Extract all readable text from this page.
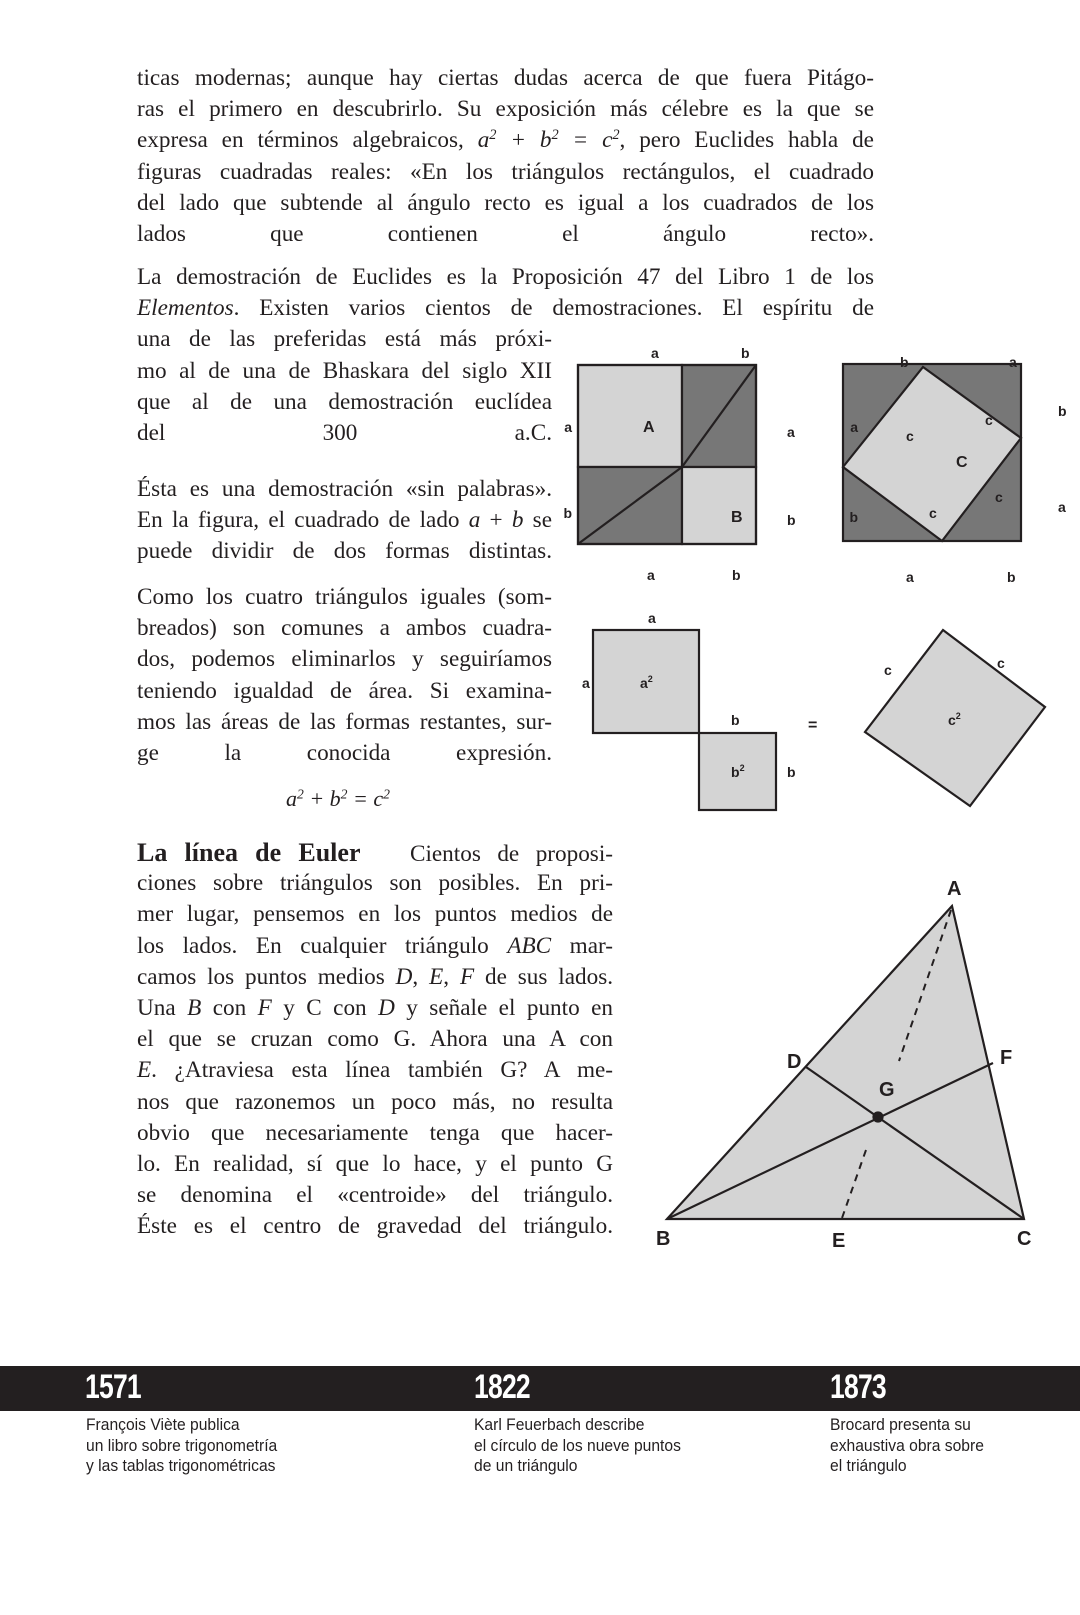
ticas modernas; aunque hay ciertas dudas acerca de que fuera Pitágo-
ras el primero en descubrirlo. Su exposición más célebre es la que se
expresa en términos algebraicos, $a^2 + b^2 = c^2$, pero Euclides habla de
figuras cuadradas reales: «En los triángulos rectángulos, el cuadrado
del lado que subtende al ángulo recto es igual a los cuadrados de los
lados que contienen el ángulo recto».
La demostración de Euclides es la Proposición 47 del Libro 1 de los
Elementos. Existen varios cientos de demostraciones. El espíritu de
una de las preferidas está más próxi-
mo al de una de Bhaskara del siglo XII
que al de una demostración euclídea
del 300 a.C.
Ésta es una demostración «sin palabras».
En la figura, el cuadrado de lado a + b se
puede dividir de dos formas distintas.
Como los cuatro triángulos iguales (som-
breados) son comunes a ambos cuadra-
dos, podemos eliminarlos y seguiríamos
teniendo igualdad de área. Si examina-
mos las áreas de las formas restantes, sur-
ge la conocida expresión.
$a^2 + b^2 = c^2$
La línea de Euler Cientos de proposi-
ciones sobre triángulos son posibles. En pri-
mer lugar, pensemos en los puntos medios de
los lados. En cualquier triángulo ABC mar-
camos los puntos medios D, E, F de sus lados.
Una B con F y C con D y señale el punto en
el que se cruzan como G. Ahora una A con
E. ¿Atraviesa esta línea también G? A me-
nos que razonemos un poco más, no resulta
obvio que necesariamente tenga que hacer-
lo. En realidad, sí que lo hace, y el punto G
se denomina el «centroide» del triángulo.
Éste es el centro de gravedad del triángulo.
a	b
a
b
a
b
a	b
A
B
b	a
a
b
b
a
a	b
c
c
c
c
C
a
a	$a^2$
b
b
$b^2$
=
c	c
$c^2$
A
B	C
D
E
F
G
1571	1822	1873
François Viète publica
un libro sobre trigonometría
y las tablas trigonométricas
Karl Feuerbach describe
el círculo de los nueve puntos
de un triángulo
Brocard presenta su
exhaustiva obra sobre
el triángulo
